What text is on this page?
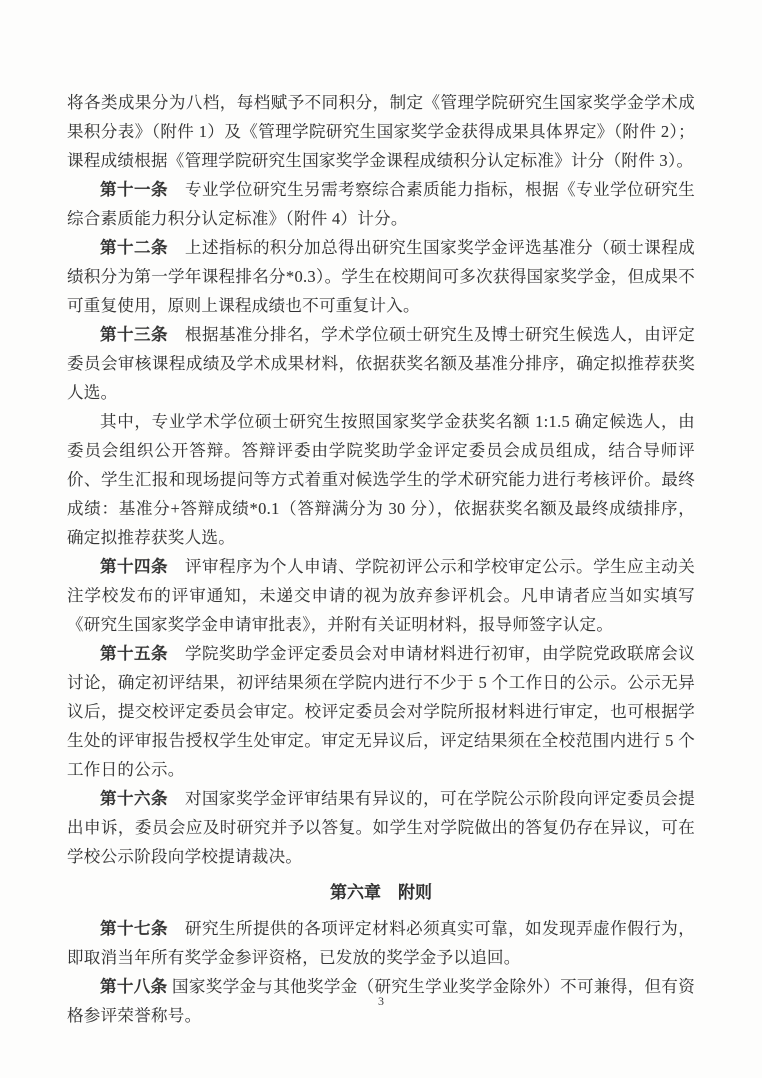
将各类成果分为八档，每档赋予不同积分，制定《管理学院研究生国家奖学金学术成果积分表》（附件 1）及《管理学院研究生国家奖学金获得成果具体界定》（附件 2）；课程成绩根据《管理学院研究生国家奖学金课程成绩积分认定标准》计分（附件 3）。

第十一条　专业学位研究生另需考察综合素质能力指标，根据《专业学位研究生综合素质能力积分认定标准》（附件 4）计分。

第十二条　上述指标的积分加总得出研究生国家奖学金评选基准分（硕士课程成绩积分为第一学年课程排名分*0.3）。学生在校期间可多次获得国家奖学金，但成果不可重复使用，原则上课程成绩也不可重复计入。

第十三条　根据基准分排名，学术学位硕士研究生及博士研究生候选人，由评定委员会审核课程成绩及学术成果材料，依据获奖名额及基准分排序，确定拟推荐获奖人选。

其中，专业学术学位硕士研究生按照国家奖学金获奖名额 1:1.5 确定候选人，由委员会组织公开答辩。答辩评委由学院奖助学金评定委员会成员组成，结合导师评价、学生汇报和现场提问等方式着重对候选学生的学术研究能力进行考核评价。最终成绩：基准分+答辩成绩*0.1（答辩满分为 30 分），依据获奖名额及最终成绩排序，确定拟推荐获奖人选。

第十四条　评审程序为个人申请、学院初评公示和学校审定公示。学生应主动关注学校发布的评审通知，未递交申请的视为放弃参评机会。凡申请者应当如实填写《研究生国家奖学金申请审批表》，并附有关证明材料，报导师签字认定。

第十五条　学院奖助学金评定委员会对申请材料进行初审，由学院党政联席会议讨论，确定初评结果，初评结果须在学院内进行不少于 5 个工作日的公示。公示无异议后，提交校评定委员会审定。校评定委员会对学院所报材料进行审定，也可根据学生处的评审报告授权学生处审定。审定无异议后，评定结果须在全校范围内进行 5 个工作日的公示。

第十六条　对国家奖学金评审结果有异议的，可在学院公示阶段向评定委员会提出申诉，委员会应及时研究并予以答复。如学生对学院做出的答复仍存在异议，可在学校公示阶段向学校提请裁决。

第六章　附则

第十七条　研究生所提供的各项评定材料必须真实可靠，如发现弄虚作假行为，即取消当年所有奖学金参评资格，已发放的奖学金予以追回。

第十八条 国家奖学金与其他奖学金（研究生学业奖学金除外）不可兼得，但有资格参评荣誉称号。

3
